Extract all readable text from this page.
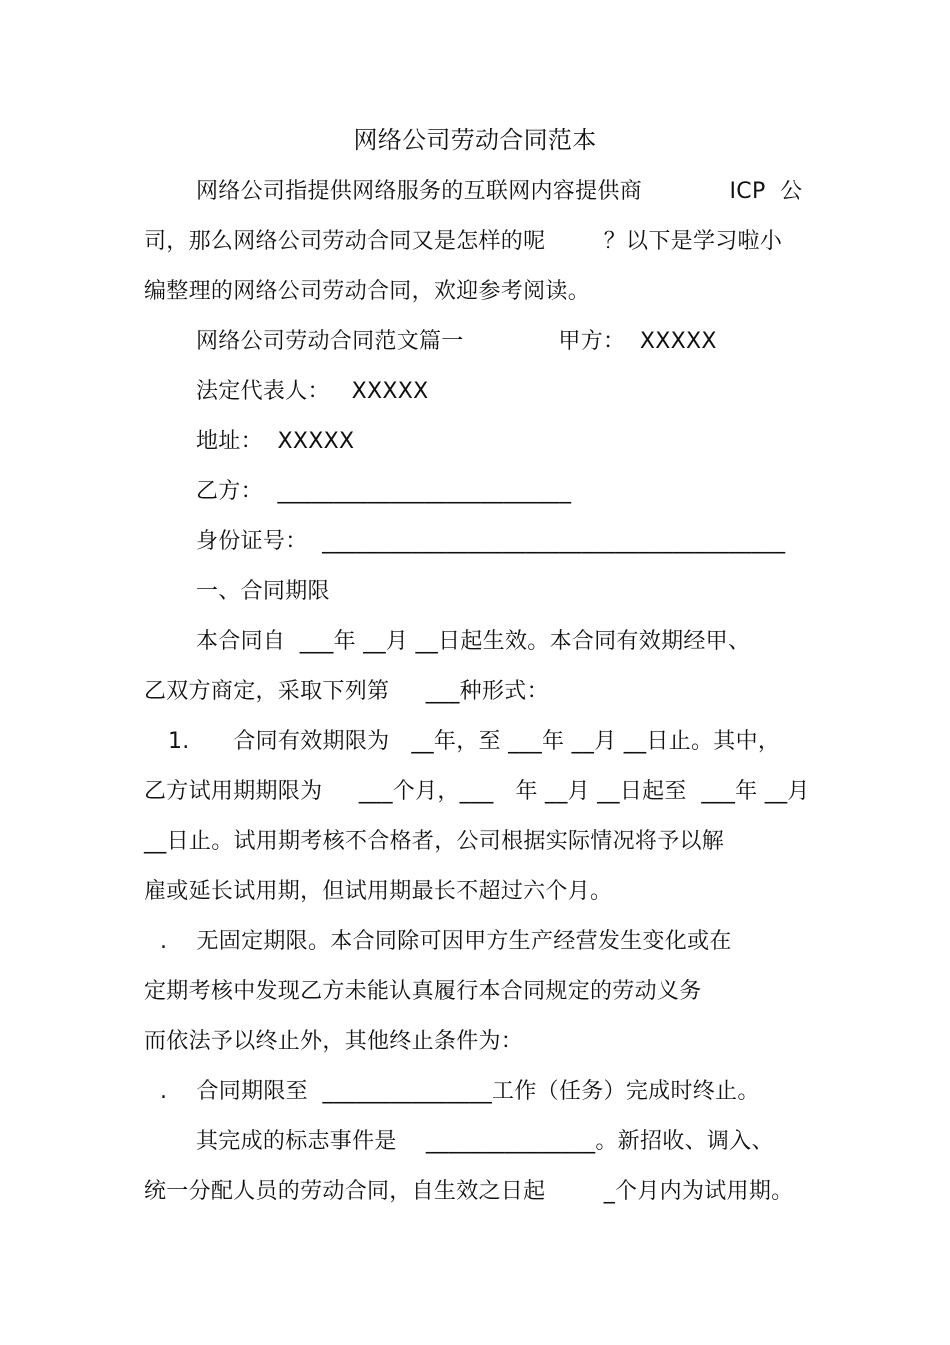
网络公司劳动合同范本
网络公司指提供网络服务的互联网内容提供商            ICP  公
司，那么网络公司劳动合同又是怎样的呢        ？以下是学习啦小
编整理的网络公司劳动合同，欢迎参考阅读。
网络公司劳动合同范文篇一             甲方：  XXXXX
法定代表人：   XXXXX
地址：  XXXXX
乙方：  __________________________
身份证号：  _________________________________________
一、合同期限
本合同自  ___年 __月 __日起生效。本合同有效期经甲、
乙双方商定，采取下列第     ___种形式：
1.      合同有效期限为   __年，至 ___年 __月 __日止。其中，
乙方试用期期限为     ___个月，___   年 __月 __日起至  ___年 __月
__日止。试用期考核不合格者，公司根据实际情况将予以解
雇或延长试用期，但试用期最长不超过六个月。
.    无固定期限。本合同除可因甲方生产经营发生变化或在
定期考核中发现乙方未能认真履行本合同规定的劳动义务
而依法予以终止外，其他终止条件为：
.    合同期限至  _______________工作（任务）完成时终止。
其完成的标志事件是    _______________。新招收、调入、
统一分配人员的劳动合同，自生效之日起        _个月内为试用期。
